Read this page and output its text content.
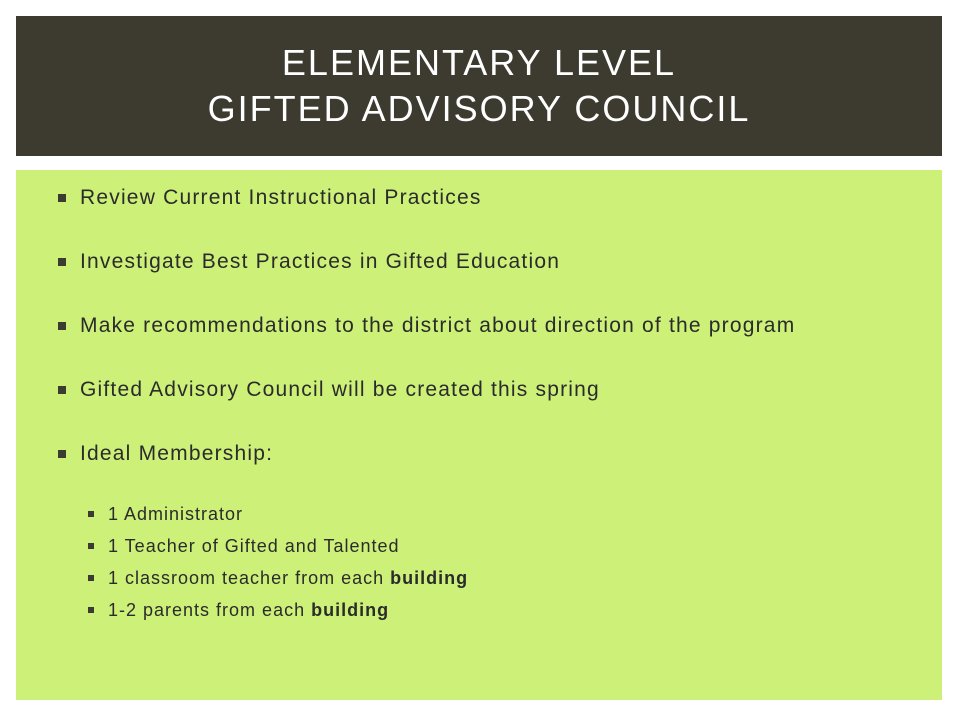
ELEMENTARY LEVEL
GIFTED ADVISORY COUNCIL
Review Current Instructional Practices
Investigate Best Practices in Gifted Education
Make recommendations to the district about direction of the program
Gifted Advisory Council will be created this spring
Ideal Membership:
1 Administrator
1 Teacher of Gifted and Talented
1 classroom teacher from each building
1-2 parents from each building
